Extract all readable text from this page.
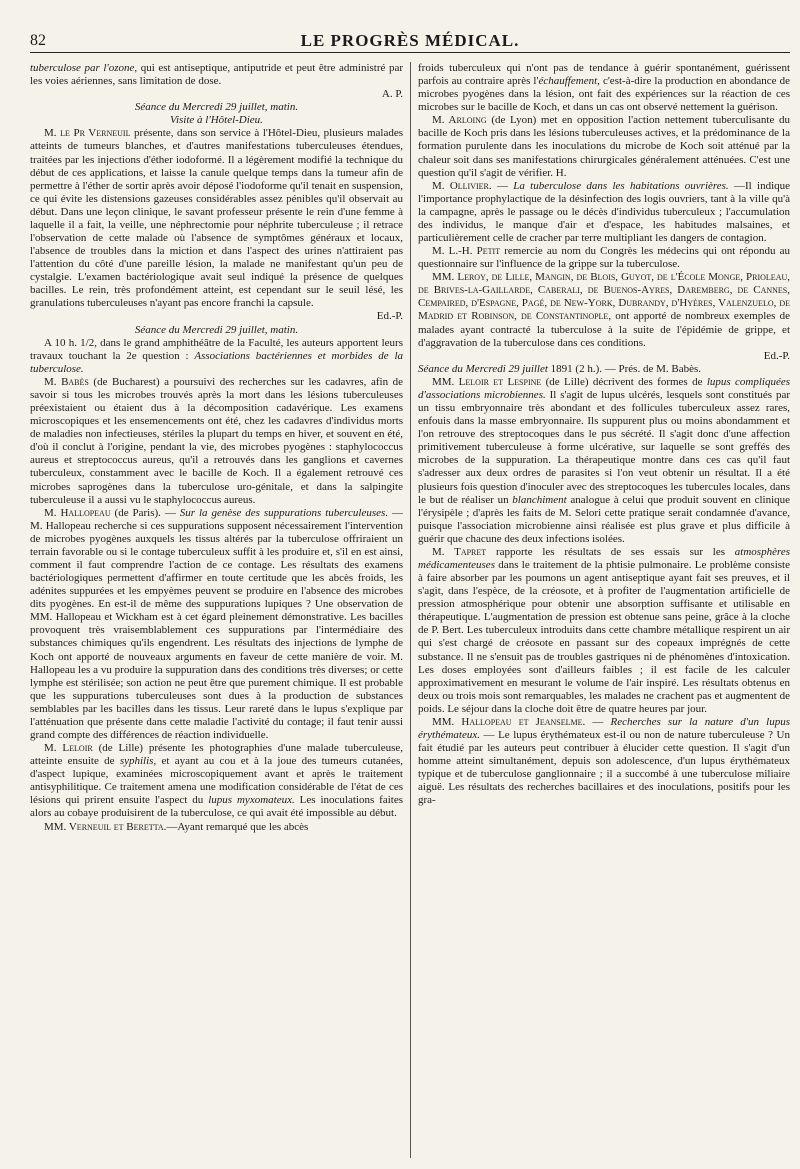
82	LE PROGRÈS MÉDICAL.

tuberculose par l'ozone, qui est antiseptique, antiputride et peut être administré par les voies aériennes, sans limitation de dose.

A. P.

Séance du Mercredi 29 juillet, matin.

Visite à l'Hôtel-Dieu.

M. le Pr Verneuil présente, dans son service à l'Hôtel-Dieu, plusieurs malades atteints de tumeurs blanches, et d'autres manifestations tuberculeuses étendues, traitées par les injections d'éther iodoformé. Il a légèrement modifié la technique du début de ces applications, et laisse la canule quelque temps dans la tumeur afin de permettre à l'éther de sortir après avoir déposé l'iodoforme qu'il tenait en suspension, ce qui évite les distensions gazeuses considérables assez pénibles qu'il observait au début. Dans une leçon clinique, le savant professeur présente le rein d'une femme à laquelle il a fait, la veille, une néphrectomie pour néphrite tuberculeuse ; il retrace l'observation de cette malade où l'absence de symptômes généraux et locaux, l'absence de troubles dans la miction et dans l'aspect des urines n'attiraient pas l'attention du côté d'une pareille lésion, la malade ne manifestant qu'un peu de cystalgie. L'examen bactériologique avait seul indiqué la présence de quelques bacilles. Le rein, très profondément atteint, est cependant sur le seuil lésé, les granulations tuberculeuses n'ayant pas encore franchi la capsule.

Ed.-P.

Séance du Mercredi 29 juillet, matin.

A 10 h. 1/2, dans le grand amphithéâtre de la Faculté, les auteurs apportent leurs travaux touchant la 2e question : Associations bactériennes et morbides de la tuberculose.

M. Babès (de Bucharest) a poursuivi des recherches sur les cadavres, afin de savoir si tous les microbes trouvés après la mort dans les lésions tuberculeuses préexistaient ou étaient dus à la décomposition cadavérique. Les examens microscopiques et les ensemencements ont été, chez les cadavres d'individus morts de maladies non infectieuses, stériles la plupart du temps en hiver, et souvent en été, d'où il conclut à l'origine, pendant la vie, des microbes pyogènes : staphylococcus aureus et streptococcus aureus, qu'il a retrouvés dans les ganglions et cavernes tuberculeux, constamment avec le bacille de Koch. Il a également retrouvé ces microbes saprogènes dans la tuberculose uro-génitale, et dans la salpingite tuberculeuse il a aussi vu le staphylococcus aureus.

M. Hallopeau (de Paris). — Sur la genèse des suppurations tuberculeuses. — M. Hallopeau recherche si ces suppurations supposent nécessairement l'intervention de microbes pyogènes auxquels les tissus altérés par la tuberculose offriraient un terrain favorable ou si le contage tuberculeux suffit à les produire et, s'il en est ainsi, comment il faut comprendre l'action de ce contage. Les résultats des examens bactériologiques permettent d'affirmer en toute certitude que les abcès froids, les adénites suppurées et les empyèmes peuvent se produire en l'absence des microbes dits pyogènes. En est-il de même des suppurations lupiques ? Une observation de MM. Hallopeau et Wickham est à cet égard pleinement démonstrative. Les bacilles provoquent très vraisemblablement ces suppurations par l'intermédiaire des substances chimiques qu'ils engendrent. Les résultats des injections de lymphe de Koch ont apporté de nouveaux arguments en faveur de cette manière de voir. M. Hallopeau les a vu produire la suppuration dans des conditions très diverses; or cette lymphe est stérilisée; son action ne peut être que purement chimique. Il est probable que les suppurations tuberculeuses sont dues à la production de substances semblables par les bacilles dans les tissus. Leur rareté dans le lupus s'explique par l'atténuation que présente dans cette maladie l'activité du contage; il faut tenir aussi grand compte des différences de réaction individuelle.

M. Leloir (de Lille) présente les photographies d'une malade tuberculeuse, atteinte ensuite de syphilis, et ayant au cou et à la joue des tumeurs cutanées, d'aspect lupique, examinées microscopiquement avant et après le traitement antisyphilitique. Ce traitement amena une modification considérable de l'état de ces lésions qui prirent ensuite l'aspect du lupus myxomateux. Les inoculations faites alors au cobaye produisirent de la tuberculose, ce qui avait été impossible au début.

MM. Verneuil et Beretta.—Ayant remarqué que les abcès

froids tuberculeux qui n'ont pas de tendance à guérir spontanément, guérissent parfois au contraire après l'échauffement, c'est-à-dire la production en abondance de microbes pyogènes dans la lésion, ont fait des expériences sur la réaction de ces microbes sur le bacille de Koch, et dans un cas ont observé nettement la guérison.

M. Arloing (de Lyon) met en opposition l'action nettement tuberculisante du bacille de Koch pris dans les lésions tuberculeuses actives, et la prédominance de la formation purulente dans les inoculations du microbe de Koch soit atténué par la chaleur soit dans ses manifestations chirurgicales généralement atténuées. C'est une question qu'il s'agit de vérifier. H.

M. Ollivier. — La tuberculose dans les habitations ouvrières. —Il indique l'importance prophylactique de la désinfection des logis ouvriers, tant à la ville qu'à la campagne, après le passage ou le décès d'individus tuberculeux ; l'accumulation des individus, le manque d'air et d'espace, les habitudes malsaines, et particulièrement celle de cracher par terre multipliant les dangers de contagion.

M. L.-H. Petit remercie au nom du Congrès les médecins qui ont répondu au questionnaire sur l'influence de la grippe sur la tuberculose.

MM. Leroy, de Lille, Mangin, de Blois, Guyot, de l'École Monge, Prioleau, de Brives-la-Gaillarde, Caberali, de Buenos-Ayres, Daremberg, de Cannes, Cempaired, d'Espagne, Pagé, de New-York, Dubrandy, d'Hyères, Valenzuelo, de Madrid et Robinson, de Constantinople, ont apporté de nombreux exemples de malades ayant contracté la tuberculose à la suite de l'épidémie de grippe, et d'aggravation de la tuberculose dans ces conditions.

Ed.-P.

Séance du Mercredi 29 juillet 1891 (2 h.). — Prés. de M. Babès.

MM. Leloir et Lespine (de Lille) décrivent des formes de lupus compliquées d'associations microbiennes. Il s'agit de lupus ulcérés, lesquels sont constitués par un tissu embryonnaire très abondant et des follicules tuberculeux assez rares, enfouis dans la masse embryonnaire. Ils suppurent plus ou moins abondamment et l'on retrouve des streptocoques dans le pus sécrété. Il s'agit donc d'une affection primitivement tuberculeuse à forme ulcérative, sur laquelle se sont greffés des microbes de la suppuration. La thérapeutique montre dans ces cas qu'il faut s'adresser aux deux ordres de parasites si l'on veut obtenir un résultat. Il a été plusieurs fois question d'inoculer avec des streptocoques les tubercules locales, dans le but de réaliser un blanchiment analogue à celui que produit souvent en clinique l'érysipèle ; d'après les faits de M. Selori cette pratique serait condamnée d'avance, puisque l'association microbienne ainsi réalisée est plus grave et plus difficile à guérir que chacune des deux infections isolées.

M. Tapret rapporte les résultats de ses essais sur les atmosphères médicamenteuses dans le traitement de la phtisie pulmonaire. Le problème consiste à faire absorber par les poumons un agent antiseptique ayant fait ses preuves, et il s'agit, dans l'espèce, de la créosote, et à profiter de l'augmentation artificielle de pression atmosphérique pour obtenir une absorption suffisante et utilisable en thérapeutique. L'augmentation de pression est obtenue sans peine, grâce à la cloche de P. Bert. Les tuberculeux introduits dans cette chambre métallique respirent un air qui s'est chargé de créosote en passant sur des copeaux imprégnés de cette substance. Il ne s'ensuit pas de troubles gastriques ni de phénomènes d'intoxication. Les doses employées sont d'ailleurs faibles ; il est facile de les calculer approximativement en mesurant le volume de l'air inspiré. Les résultats obtenus en deux ou trois mois sont remarquables, les malades ne crachent pas et augmentent de poids. Le séjour dans la cloche doit être de quatre heures par jour.

MM. Hallopeau et Jeanselme. — Recherches sur la nature d'un lupus érythémateux. — Le lupus érythémateux est-il ou non de nature tuberculeuse ? Un fait étudié par les auteurs peut contribuer à élucider cette question. Il s'agit d'un homme atteint simultanément, depuis son adolescence, d'un lupus érythémateux typique et de tuberculose ganglionnaire ; il a succombé à une tuberculose miliaire aiguë. Les résultats des recherches bacillaires et des inoculations, positifs pour les gra-
